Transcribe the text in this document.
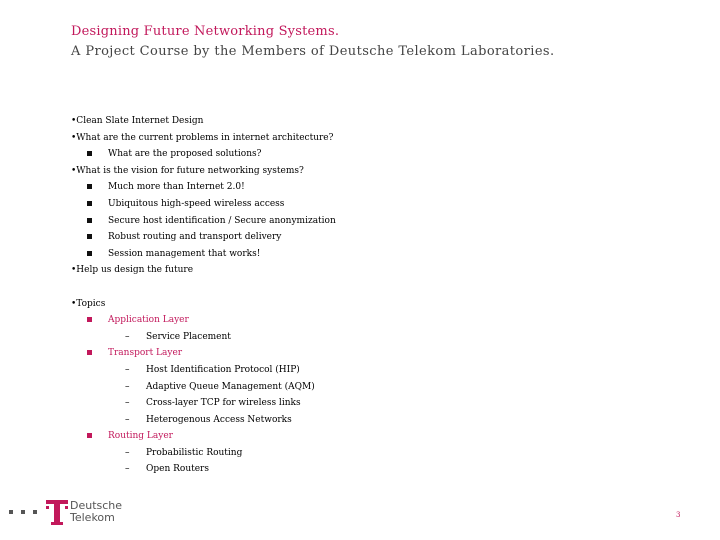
Designing Future Networking Systems.
A Project Course by the Members of Deutsche Telekom Laboratories.
•Clean Slate Internet Design
•What are the current problems in internet architecture?
What are the proposed solutions?
•What is the vision for future networking systems?
Much more than Internet 2.0!
Ubiquitous high-speed wireless access
Secure host identification / Secure anonymization
Robust routing and transport delivery
Session management that works!
•Help us design the future
•Topics
Application Layer
– Service Placement
Transport Layer
– Host Identification Protocol (HIP)
– Adaptive Queue Management (AQM)
– Cross-layer TCP for wireless links
– Heterogenous Access Networks
Routing Layer
– Probabilistic Routing
– Open Routers
Deutsche
Telekom	3
